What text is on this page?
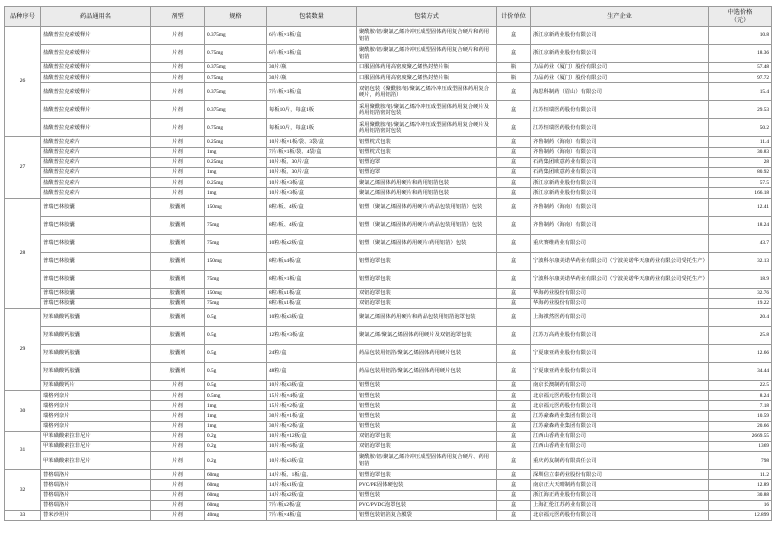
品种序号	药品通用名	剂型	规格	包装数量	包装方式	计价单位	生产企业	中选价格
（元）

26	盐酸普拉克索缓释片	片剂	0.375mg	6片/板×1板/盒	聚酰胺/铝/聚氯乙烯冷冲压成型固体药用复合硬片和药用铝箔	盒	浙江京新药业股份有限公司	10.8
	盐酸普拉克索缓释片	片剂	0.75mg	6片/板×1板/盒	聚酰胺/铝/聚氯乙烯冷冲压成型固体药用复合硬片和药用铝箔	盒	浙江京新药业股份有限公司	18.36
	盐酸普拉克索缓释片	片剂	0.375mg	30片/瓶	口服固体药用高密度聚乙烯热封垫片瓶	瓶	力品药业（厦门）股份有限公司	57.48
	盐酸普拉克索缓释片	片剂	0.75mg	30片/瓶	口服固体药用高密度聚乙烯热封垫片瓶	瓶	力品药业（厦门）股份有限公司	97.72
	盐酸普拉克索缓释片	片剂	0.375mg	7片/板×1板/盒	双铝包装（聚酰胺/铝/聚氯乙烯冷冲压成型固体药用复合硬片，药用铝箔）	盒	海思科制药（眉山）有限公司	15.4
	盐酸普拉克索缓释片	片剂	0.375mg	每板10片，每盒1板	采用聚酰胺/铝/聚氯乙烯冷冲压成型固体药用复合硬片及药用铝箔密封包装	盒	江苏恒瑞医药股份有限公司	29.53
	盐酸普拉克索缓释片	片剂	0.75mg	每板10片，每盒1板	采用聚酰胺/铝/聚氯乙烯冷冲压成型固体药用复合硬片及药用铝箔密封包装	盒	江苏恒瑞医药股份有限公司	50.2
27	盐酸普拉克索片	片剂	0.25mg	10片/板×1板/袋、3袋/盒	铝塑枕式包装	盒	齐鲁制药（海南）有限公司	11.4
	盐酸普拉克索片	片剂	1mg	7片/板×1板/袋、4袋/盒	铝塑枕式包装	盒	齐鲁制药（海南）有限公司	30.83
	盐酸普拉克索片	片剂	0.25mg	10片/板、30片/盒	铝塑泡罩	盒	石药集团欧意药业有限公司	28
	盐酸普拉克索片	片剂	1mg	10片/板、30片/盒	铝塑泡罩	盒	石药集团欧意药业有限公司	80.92
	盐酸普拉克索片	片剂	0.25mg	10片/板×3板/盒	聚氯乙烯固体药用硬片和药用铝箔包装	盒	浙江京新药业股份有限公司	57.5
	盐酸普拉克索片	片剂	1mg	10片/板×3板/盒	聚氯乙烯固体药用硬片和药用铝箔包装	盒	浙江京新药业股份有限公司	166.18
28	普瑞巴林胶囊	胶囊剂	150mg	8粒/板、4板/盒	铝塑（聚氯乙烯固体药用硬片/药品包装用铝箔）包装	盒	齐鲁制药（海南）有限公司	12.41
	普瑞巴林胶囊	胶囊剂	75mg	8粒/板、4板/盒	铝塑（聚氯乙烯固体药用硬片/药品包装用铝箔）包装	盒	齐鲁制药（海南）有限公司	18.24
	普瑞巴林胶囊	胶囊剂	75mg	10粒/板x2板/盒	铝塑（聚氯乙烯固体药用硬片/药用铝箔）包装	盒	重庆赛维药业有限公司	43.7
	普瑞巴林胶囊	胶囊剂	150mg	8粒/板x4板/盒	铝塑泡罩包装	盒	宁波科尔康美诺华药业有限公司（宁波美诺华天康药业有限公司受托生产）	32.13
	普瑞巴林胶囊	胶囊剂	75mg	8粒/板×1板/盒	铝塑泡罩包装	盒	宁波科尔康美诺华药业有限公司（宁波美诺华天康药业有限公司受托生产）	18.9
	普瑞巴林胶囊	胶囊剂	150mg	8粒/板x1板/盒	双铝泡罩包装	盒	华海药业股份有限公司	32.76
	普瑞巴林胶囊	胶囊剂	75mg	8粒/板x1板/盒	双铝泡罩包装	盒	华海药业股份有限公司	19.22
29	羟苯磺酸钙胶囊	胶囊剂	0.5g	10粒/板x3板/盒	聚氯乙烯固体药用硬片和药品包装用铝箔泡罩包装	盒	上海褀然医药有限公司	20.4
	羟苯磺酸钙胶囊	胶囊剂	0.5g	12粒/板×3板/盒	聚氯乙烯/聚氯乙烯固体药用硬片及双铝泡罩包装	盒	江苏万高药业股份有限公司	25.8
	羟苯磺酸钙胶囊	胶囊剂	0.5g	24粒/盒	药品包装用铝箔/聚氯乙烯固体药用硬片包装	盒	宁夏康亚药业股份有限公司	12.66
	羟苯磺酸钙胶囊	胶囊剂	0.5g	48粒/盒	药品包装用铝箔/聚氯乙烯固体药用硬片包装	盒	宁夏康亚药业股份有限公司	34.44
	羟苯磺酸钙片	片剂	0.5g	10片/板x3板/盒	铝塑包装	盒	南京长澳制药有限公司	22.5
30	瑞格列奈片	片剂	0.5mg	15片/板×4板/盒	铝塑包装	盒	北京福元医药股份有限公司	8.24
	瑞格列奈片	片剂	1mg	15片/板×2板/盒	铝塑包装	盒	北京福元医药股份有限公司	7.18
	瑞格列奈片	片剂	1mg	30片/板×1板/盒	铝塑包装	盒	江苏豪森药业集团有限公司	10.59
	瑞格列奈片	片剂	1mg	30片/板×2板/盒	铝塑包装	盒	江苏豪森药业集团有限公司	20.66
31	甲苯磺酸索拉非尼片	片剂	0.2g	10片/板×12板/盒	双铝泡罩包装	盒	江西山香药业有限公司	2669.55
	甲苯磺酸索拉非尼片	片剂	0.2g	10片/板×6板/盒	双铝泡罩包装	盒	江西山香药业有限公司	1369
	甲苯磺酸索拉非尼片	片剂	0.2g	10片/板x3板/盒	聚酰胺/铝/聚氯乙烯冷冲压成型固体药用复合硬片、药用铝箔	盒	重庆药友制药有限责任公司	798
32	替格瑞洛片	片剂	60mg	14片/板、1板/盒、	铝塑泡罩包装	盒	深圳信立泰药业股份有限公司	11.2
	替格瑞洛片	片剂	60mg	14片/板x1板/盒	PVC/PE固体硬包装	盒	南京正大天晴制药有限公司	12.89
	替格瑞洛片	片剂	60mg	14片/板x2板/盒	铝塑包装	盒	浙江海正药业股份有限公司	30.88
	替格瑞洛片	片剂	60mg	7片/板x2板/盒	PVC/PVDC泡罩包装	盒	上海汇伦江苏药业有限公司	16
33	替米沙坦片	片剂	40mg	7片/板×4板/盒	铝塑包装铝箔复合膜袋	盒	北京福元医药股份有限公司	12.899
